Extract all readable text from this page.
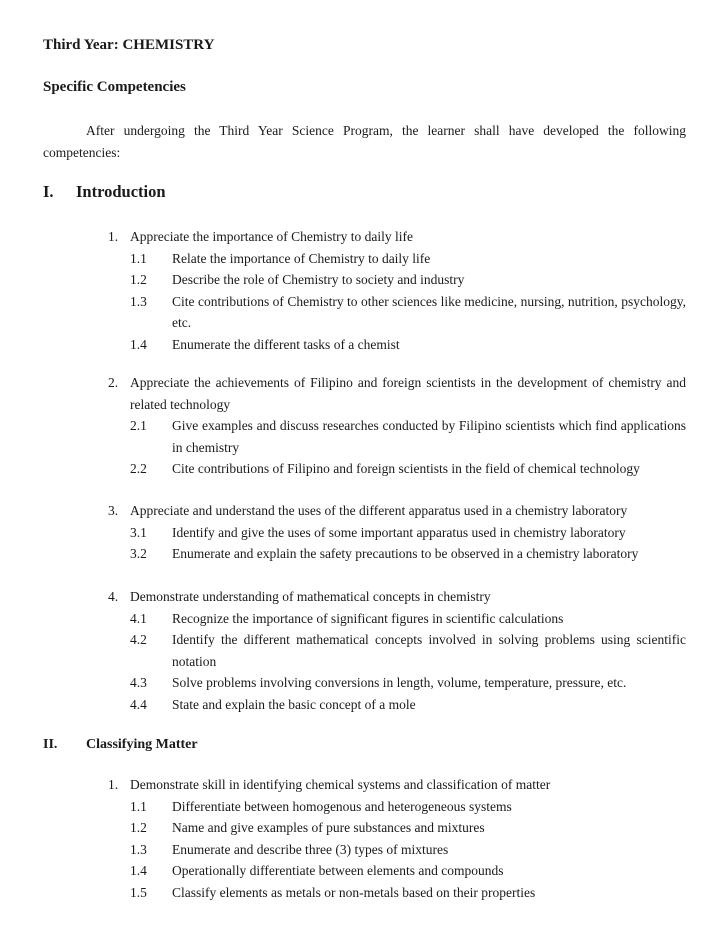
Third Year: CHEMISTRY
Specific Competencies

After undergoing the Third Year Science Program, the learner shall have developed the following competencies:

I. Introduction
1. Appreciate the importance of Chemistry to daily life
1.1	Relate the importance of Chemistry to daily life
1.2	Describe the role of Chemistry to society and industry
1.3	Cite contributions of Chemistry to other sciences like medicine, nursing, nutrition, psychology, etc.
1.4	Enumerate the different tasks of a chemist
2. Appreciate the achievements of Filipino and foreign scientists in the development of chemistry and related technology
2.1	Give examples and discuss researches conducted by Filipino scientists which find applications in chemistry
2.2	Cite contributions of Filipino and foreign scientists in the field of chemical technology
3. Appreciate and understand the uses of the different apparatus used in a chemistry laboratory
3.1	Identify and give the uses of some important apparatus used in chemistry laboratory
3.2	Enumerate and explain the safety precautions to be observed in a chemistry laboratory
4. Demonstrate understanding of mathematical concepts in chemistry
4.1	Recognize the importance of significant figures in scientific calculations
4.2	Identify the different mathematical concepts involved in solving problems using scientific notation
4.3	Solve problems involving conversions in length, volume, temperature, pressure, etc.
4.4	State and explain the basic concept of a mole
II. Classifying Matter
1. Demonstrate skill in identifying chemical systems and classification of matter
1.1	Differentiate between homogenous and heterogeneous systems
1.2	Name and give examples of pure substances and mixtures
1.3	Enumerate and describe three (3) types of mixtures
1.4	Operationally differentiate between elements and compounds
1.5	Classify elements as metals or non-metals based on their properties
